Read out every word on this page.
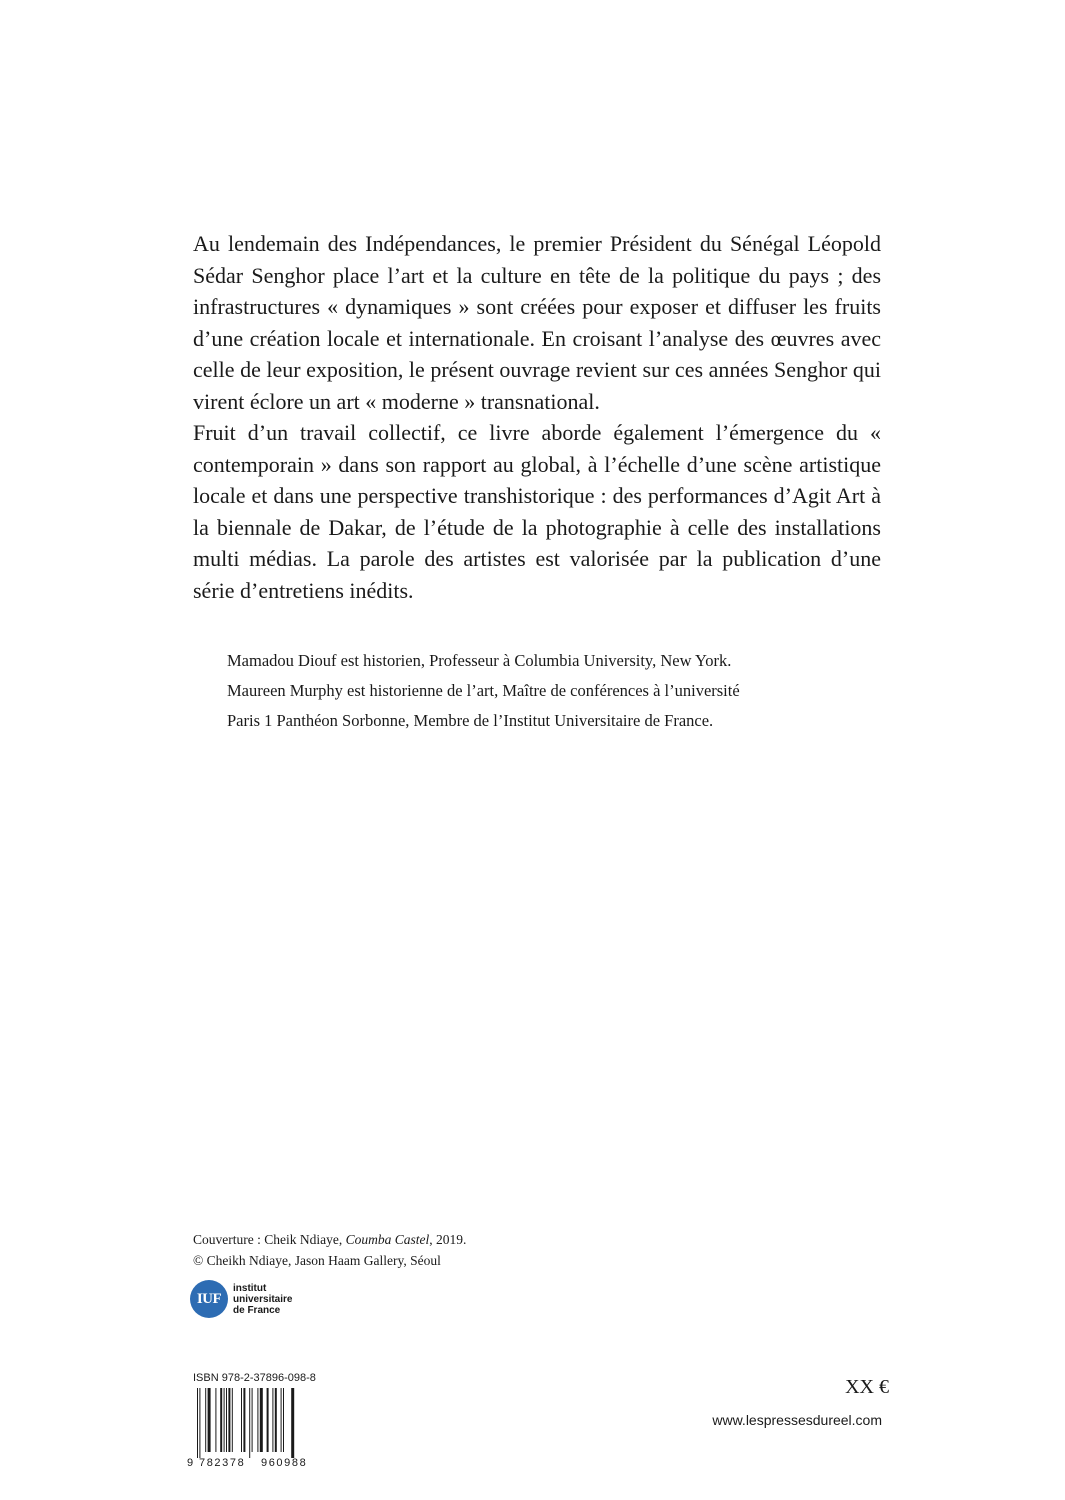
Au lendemain des Indépendances, le premier Président du Sénégal Léopold Sédar Senghor place l’art et la culture en tête de la politique du pays ; des infrastructures « dynamiques » sont créées pour exposer et diffuser les fruits d’une création locale et internationale. En croisant l’analyse des œuvres avec celle de leur exposition, le présent ouvrage revient sur ces années Senghor qui virent éclore un art « moderne » transnational.

Fruit d’un travail collectif, ce livre aborde également l’émergence du « contemporain » dans son rapport au global, à l’échelle d’une scène artistique locale et dans une perspective transhistorique : des performances d’Agit Art à la biennale de Dakar, de l’étude de la photographie à celle des installations multi médias. La parole des artistes est valorisée par la publication d’une série d’entretiens inédits.

Mamadou Diouf est historien, Professeur à Columbia University, New York.

Maureen Murphy est historienne de l’art, Maître de conférences à l’université

Paris 1 Panthéon Sorbonne, Membre de l’Institut Universitaire de France.

Couverture : Cheik Ndiaye, Coumba Castel, 2019.

© Cheikh Ndiaye, Jason Haam Gallery, Séoul

IUF
institut
universitaire
de France
ISBN 978-2-37896-098-8
9 782378 960988
XX €
www.lespressesdureel.com
